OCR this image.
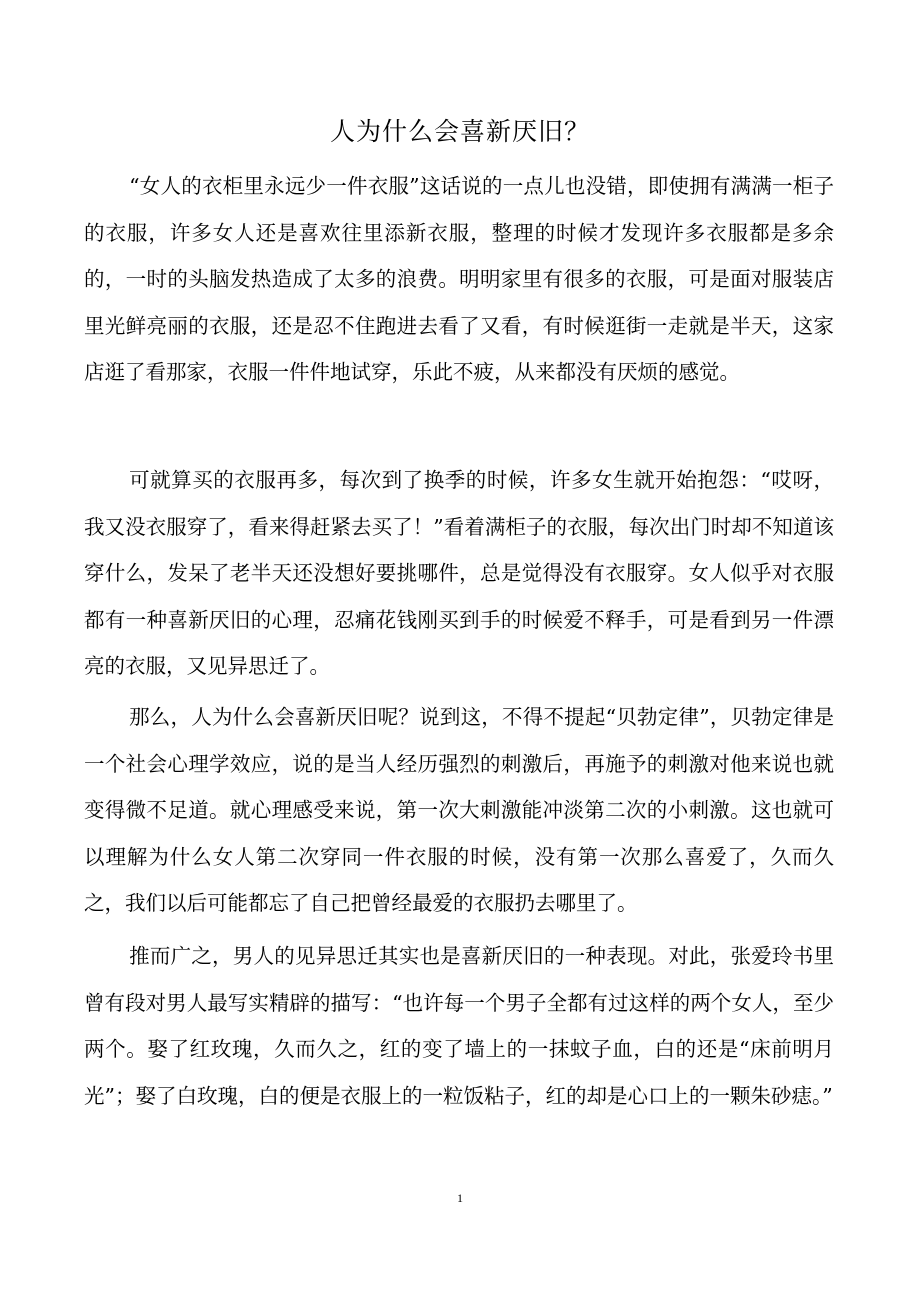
人为什么会喜新厌旧？

“女人的衣柜里永远少一件衣服”这话说的一点儿也没错，即使拥有满满一柜子的衣服，许多女人还是喜欢往里添新衣服，整理的时候才发现许多衣服都是多余的，一时的头脑发热造成了太多的浪费。明明家里有很多的衣服，可是面对服装店里光鲜亮丽的衣服，还是忍不住跑进去看了又看，有时候逛街一走就是半天，这家店逛了看那家，衣服一件件地试穿，乐此不疲，从来都没有厌烦的感觉。

可就算买的衣服再多，每次到了换季的时候，许多女生就开始抱怨：“哎呀，我又没衣服穿了，看来得赶紧去买了！”看着满柜子的衣服，每次出门时却不知道该穿什么，发呆了老半天还没想好要挑哪件，总是觉得没有衣服穿。女人似乎对衣服都有一种喜新厌旧的心理，忍痛花钱刚买到手的时候爱不释手，可是看到另一件漂亮的衣服，又见异思迁了。

那么，人为什么会喜新厌旧呢？说到这，不得不提起“贝勃定律”，贝勃定律是一个社会心理学效应，说的是当人经历强烈的刺激后，再施予的刺激对他来说也就变得微不足道。就心理感受来说，第一次大刺激能冲淡第二次的小刺激。这也就可以理解为什么女人第二次穿同一件衣服的时候，没有第一次那么喜爱了，久而久之，我们以后可能都忘了自己把曾经最爱的衣服扔去哪里了。

推而广之，男人的见异思迁其实也是喜新厌旧的一种表现。对此，张爱玲书里曾有段对男人最写实精辟的描写：“也许每一个男子全都有过这样的两个女人，至少两个。娶了红玫瑰，久而久之，红的变了墙上的一抹蚊子血，白的还是“床前明月光”；娶了白玫瑰，白的便是衣服上的一粒饭粘子，红的却是心口上的一颗朱砂痣。”

1
